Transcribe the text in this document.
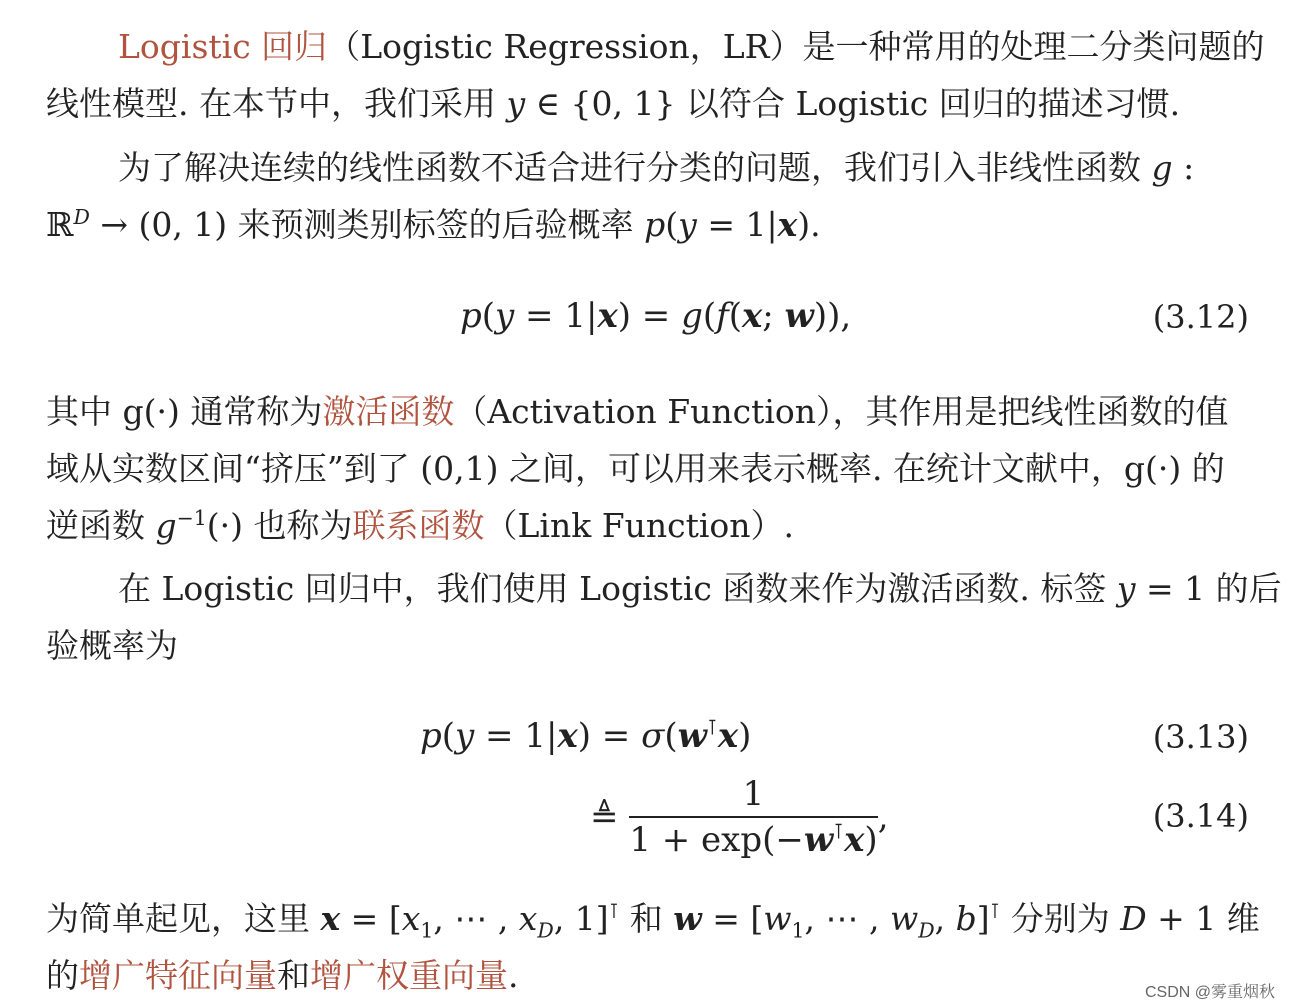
Logistic 回归（Logistic Regression，LR）是一种常用的处理二分类问题的
线性模型. 在本节中，我们采用 y ∈ {0, 1} 以符合 Logistic 回归的描述习惯.
为了解决连续的线性函数不适合进行分类的问题，我们引入非线性函数 g :
ℝ$^D$ → (0, 1) 来预测类别标签的后验概率 p(y = 1|x).
p(y = 1|x) = g(f(x; w)),	(3.12)
其中 g(·) 通常称为激活函数（Activation Function），其作用是把线性函数的值
域从实数区间“挤压”到了 (0,1) 之间，可以用来表示概率. 在统计文献中，g(·) 的
逆函数 $g^{-1}(\cdot)$ 也称为联系函数（Link Function）.
在 Logistic 回归中，我们使用 Logistic 函数来作为激活函数. 标签 y = 1 的后
验概率为
p(y = 1|x) = σ(w⊺x)	(3.13)
≜ $\frac{1}{1 + \exp(-w^⊺x)}$ ,	(3.14)
为简单起见，这里 $x = [x_1$, ⋯ , $x_D$, 1]⊺ 和 $w = [w_1$, ⋯ , $w_D$, b]⊺ 分别为 D + 1 维
的增广特征向量和增广权重向量.	CSDN @雾重烟秋
